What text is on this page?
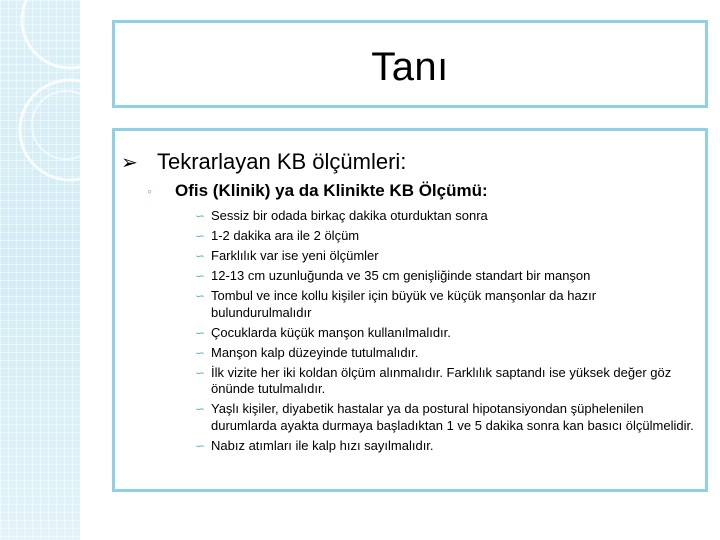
Tanı
➢ Tekrarlayan KB ölçümleri:
◦	Ofis (Klinik) ya da Klinikte KB Ölçümü:
∽ Sessiz bir odada birkaç dakika oturduktan sonra
∽ 1-2 dakika ara ile 2 ölçüm
∽ Farklılık var ise yeni ölçümler
∽ 12-13 cm uzunluğunda ve 35 cm genişliğinde standart bir manşon
∽ Tombul ve ince kollu kişiler için büyük ve küçük manşonlar da hazır bulundurulmalıdır
∽ Çocuklarda küçük manşon kullanılmalıdır.
∽ Manşon kalp düzeyinde tutulmalıdır.
∽ İlk vizite her iki koldan ölçüm alınmalıdır. Farklılık saptandı ise yüksek değer göz önünde tutulmalıdır.
∽ Yaşlı kişiler, diyabetik hastalar ya da postural hipotansiyondan şüphelenilen durumlarda ayakta durmaya başladıktan 1 ve 5 dakika sonra kan basıcı ölçülmelidir.
∽ Nabız atımları ile kalp hızı sayılmalıdır.
